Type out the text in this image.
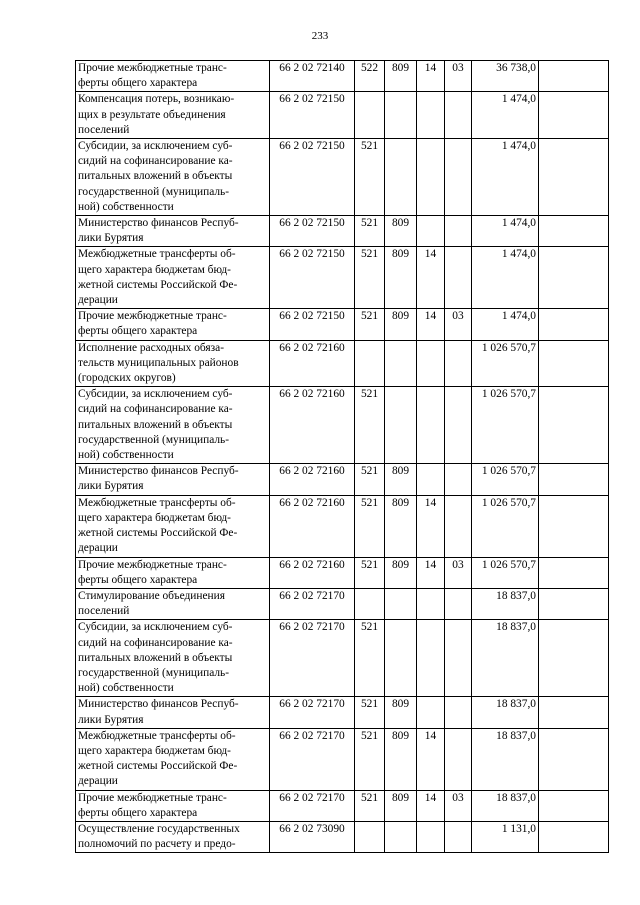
233
Прочие межбюджетные транс-
ферты общего характера	66 2 02 72140	522	809	14	03	36 738,0	
Компенсация потерь, возникаю-
щих в результате объединения
поселений	66 2 02 72150					1 474,0	
Субсидии, за исключением суб-
сидий на софинансирование ка-
питальных вложений в объекты
государственной (муниципаль-
ной) собственности	66 2 02 72150	521				1 474,0	
Министерство финансов Респуб-
лики Бурятия	66 2 02 72150	521	809			1 474,0	
Межбюджетные трансферты об-
щего характера бюджетам бюд-
жетной системы Российской Фе-
дерации	66 2 02 72150	521	809	14		1 474,0	
Прочие межбюджетные транс-
ферты общего характера	66 2 02 72150	521	809	14	03	1 474,0	
Исполнение расходных обяза-
тельств муниципальных районов
(городских округов)	66 2 02 72160					1 026 570,7	
Субсидии, за исключением суб-
сидий на софинансирование ка-
питальных вложений в объекты
государственной (муниципаль-
ной) собственности	66 2 02 72160	521				1 026 570,7	
Министерство финансов Респуб-
лики Бурятия	66 2 02 72160	521	809			1 026 570,7	
Межбюджетные трансферты об-
щего характера бюджетам бюд-
жетной системы Российской Фе-
дерации	66 2 02 72160	521	809	14		1 026 570,7	
Прочие межбюджетные транс-
ферты общего характера	66 2 02 72160	521	809	14	03	1 026 570,7	
Стимулирование объединения
поселений	66 2 02 72170					18 837,0	
Субсидии, за исключением суб-
сидий на софинансирование ка-
питальных вложений в объекты
государственной (муниципаль-
ной) собственности	66 2 02 72170	521				18 837,0	
Министерство финансов Респуб-
лики Бурятия	66 2 02 72170	521	809			18 837,0	
Межбюджетные трансферты об-
щего характера бюджетам бюд-
жетной системы Российской Фе-
дерации	66 2 02 72170	521	809	14		18 837,0	
Прочие межбюджетные транс-
ферты общего характера	66 2 02 72170	521	809	14	03	18 837,0	
Осуществление государственных
полномочий по расчету и предо-	66 2 02 73090					1 131,0	
